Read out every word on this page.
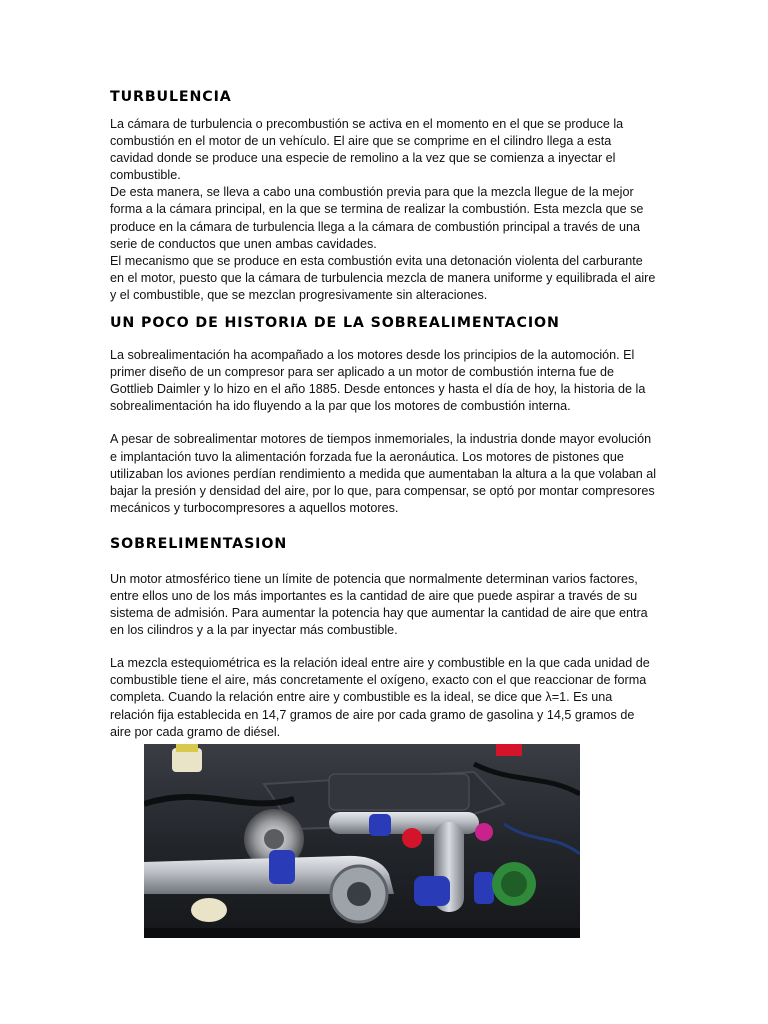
TURBULENCIA

La cámara de turbulencia o precombustión se activa en el momento en el que se produce la combustión en el motor de un vehículo. El aire que se comprime en el cilindro llega a esta cavidad donde se produce una especie de remolino a la vez que se comienza a inyectar el combustible.

De esta manera, se lleva a cabo una combustión previa para que la mezcla llegue de la mejor forma a la cámara principal, en la que se termina de realizar la combustión. Esta mezcla que se produce en la cámara de turbulencia llega a la cámara de combustión principal a través de una serie de conductos que unen ambas cavidades.

El mecanismo que se produce en esta combustión evita una detonación violenta del carburante en el motor, puesto que la cámara de turbulencia mezcla de manera uniforme y equilibrada el aire y el combustible, que se mezclan progresivamente sin alteraciones.

UN POCO DE HISTORIA DE LA SOBREALIMENTACION

La sobrealimentación ha acompañado a los motores desde los principios de la automoción. El primer diseño de un compresor para ser aplicado a un motor de combustión interna fue de Gottlieb Daimler y lo hizo en el año 1885. Desde entonces y hasta el día de hoy, la historia de la sobrealimentación ha ido fluyendo a la par que los motores de combustión interna.

A pesar de sobrealimentar motores de tiempos inmemoriales, la industria donde mayor evolución e implantación tuvo la alimentación forzada fue la aeronáutica. Los motores de pistones que utilizaban los aviones perdían rendimiento a medida que aumentaban la altura a la que volaban al bajar la presión y densidad del aire, por lo que, para compensar, se optó por montar compresores mecánicos y turbocompresores a aquellos motores.

SOBRELIMENTASION

Un motor atmosférico tiene un límite de potencia que normalmente determinan varios factores, entre ellos uno de los más importantes es la cantidad de aire que puede aspirar a través de su sistema de admisión. Para aumentar la potencia hay que aumentar la cantidad de aire que entra en los cilindros y a la par inyectar más combustible.

La mezcla estequiométrica es la relación ideal entre aire y combustible en la que cada unidad de combustible tiene el aire, más concretamente el oxígeno, exacto con el que reaccionar de forma completa. Cuando la relación entre aire y combustible es la ideal, se dice que λ=1. Es una relación fija establecida en 14,7 gramos de aire por cada gramo de gasolina y 14,5 gramos de aire por cada gramo de diésel.
